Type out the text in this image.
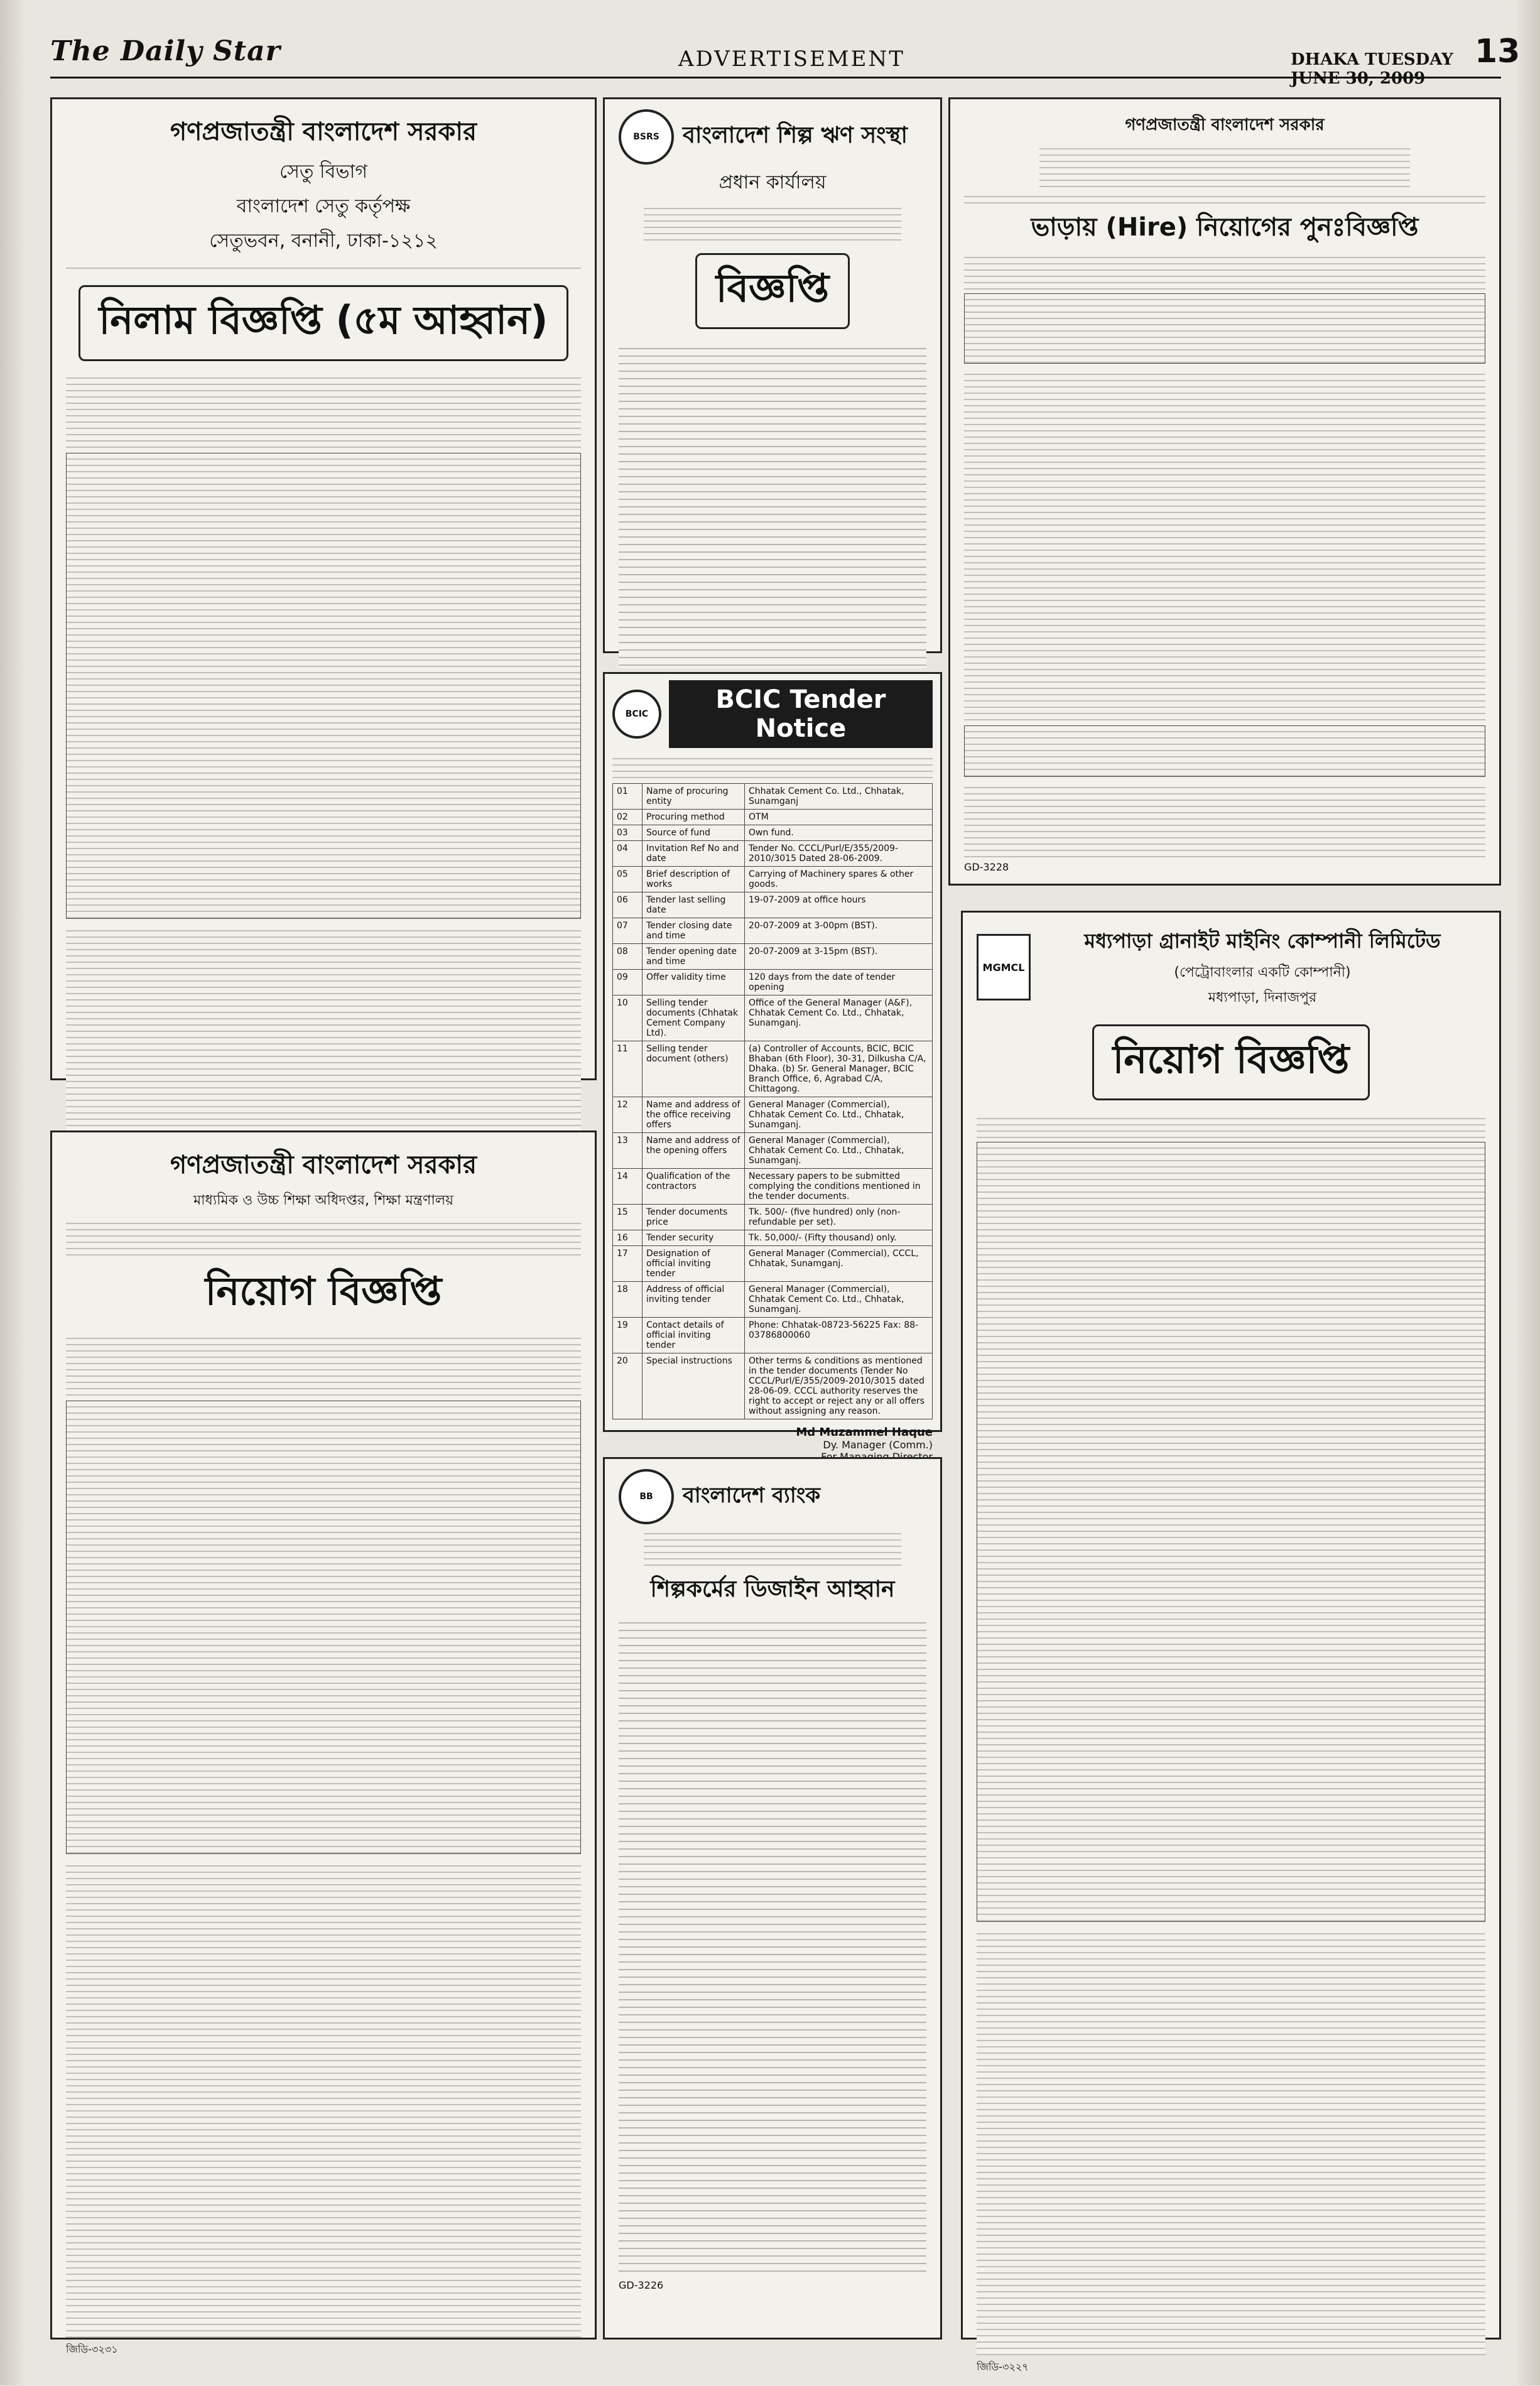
The Daily Star	ADVERTISEMENT	DHAKA TUESDAY JUNE 30, 2009
13
গণপ্রজাতন্ত্রী বাংলাদেশ সরকার
সেতু বিভাগ
বাংলাদেশ সেতু কর্তৃপক্ষ
সেতুভবন, বনানী, ঢাকা-১২১২
নিলাম বিজ্ঞপ্তি (৫ম আহ্বান)
গণপ্রজাতন্ত্রী বাংলাদেশ সরকার
মাধ্যমিক ও উচ্চ শিক্ষা অধিদপ্তর, শিক্ষা মন্ত্রণালয়
নিয়োগ বিজ্ঞপ্তি
জিডি-৩২৩১
BSRS	বাংলাদেশ শিল্প ঋণ সংস্থা
প্রধান কার্যালয়
বিজ্ঞপ্তি
BCIC	BCIC Tender Notice
01	Name of procuring entity	Chhatak Cement Co. Ltd., Chhatak, Sunamganj
02	Procuring method	OTM
03	Source of fund	Own fund.
04	Invitation Ref No and date	Tender No. CCCL/Purl/E/355/2009-2010/3015 Dated 28-06-2009.
05	Brief description of works	Carrying of Machinery spares & other goods.
06	Tender last selling date	19-07-2009 at office hours
07	Tender closing date and time	20-07-2009 at 3-00pm (BST).
08	Tender opening date and time	20-07-2009 at 3-15pm (BST).
09	Offer validity time	120 days from the date of tender opening
10	Selling tender documents (Chhatak Cement Company Ltd).	Office of the General Manager (A&F), Chhatak Cement Co. Ltd., Chhatak, Sunamganj.
11	Selling tender document (others)	(a) Controller of Accounts, BCIC, BCIC Bhaban (6th Floor), 30-31, Dilkusha C/A, Dhaka. (b) Sr. General Manager, BCIC Branch Office, 6, Agrabad C/A, Chittagong.
12	Name and address of the office receiving offers	General Manager (Commercial), Chhatak Cement Co. Ltd., Chhatak, Sunamganj.
13	Name and address of the opening offers	General Manager (Commercial), Chhatak Cement Co. Ltd., Chhatak, Sunamganj.
14	Qualification of the contractors	Necessary papers to be submitted complying the conditions mentioned in the tender documents.
15	Tender documents price	Tk. 500/- (five hundred) only (non-refundable per set).
16	Tender security	Tk. 50,000/- (Fifty thousand) only.
17	Designation of official inviting tender	General Manager (Commercial), CCCL, Chhatak, Sunamganj.
18	Address of official inviting tender	General Manager (Commercial), Chhatak Cement Co. Ltd., Chhatak, Sunamganj.
19	Contact details of official inviting tender	Phone: Chhatak-08723-56225 Fax: 88-03786800060
20	Special instructions	Other terms & conditions as mentioned in the tender documents (Tender No CCCL/Purl/E/355/2009-2010/3015 dated 28-06-09. CCCL authority reserves the right to accept or reject any or all offers without assigning any reason.
Md Muzammel Haque
Dy. Manager (Comm.)
BB	বাংলাদেশ ব্যাংক
শিল্পকর্মের ডিজাইন আহ্বান
GD-3226
গণপ্রজাতন্ত্রী বাংলাদেশ সরকার
ভাড়ায় (Hire) নিয়োগের পুনঃবিজ্ঞপ্তি
GD-3228
MGMCL
মধ্যপাড়া গ্রানাইট মাইনিং কোম্পানী লিমিটেড
(পেট্রোবাংলার একটি কোম্পানী)
মধ্যপাড়া, দিনাজপুর
নিয়োগ বিজ্ঞপ্তি
জিডি-৩২২৭
